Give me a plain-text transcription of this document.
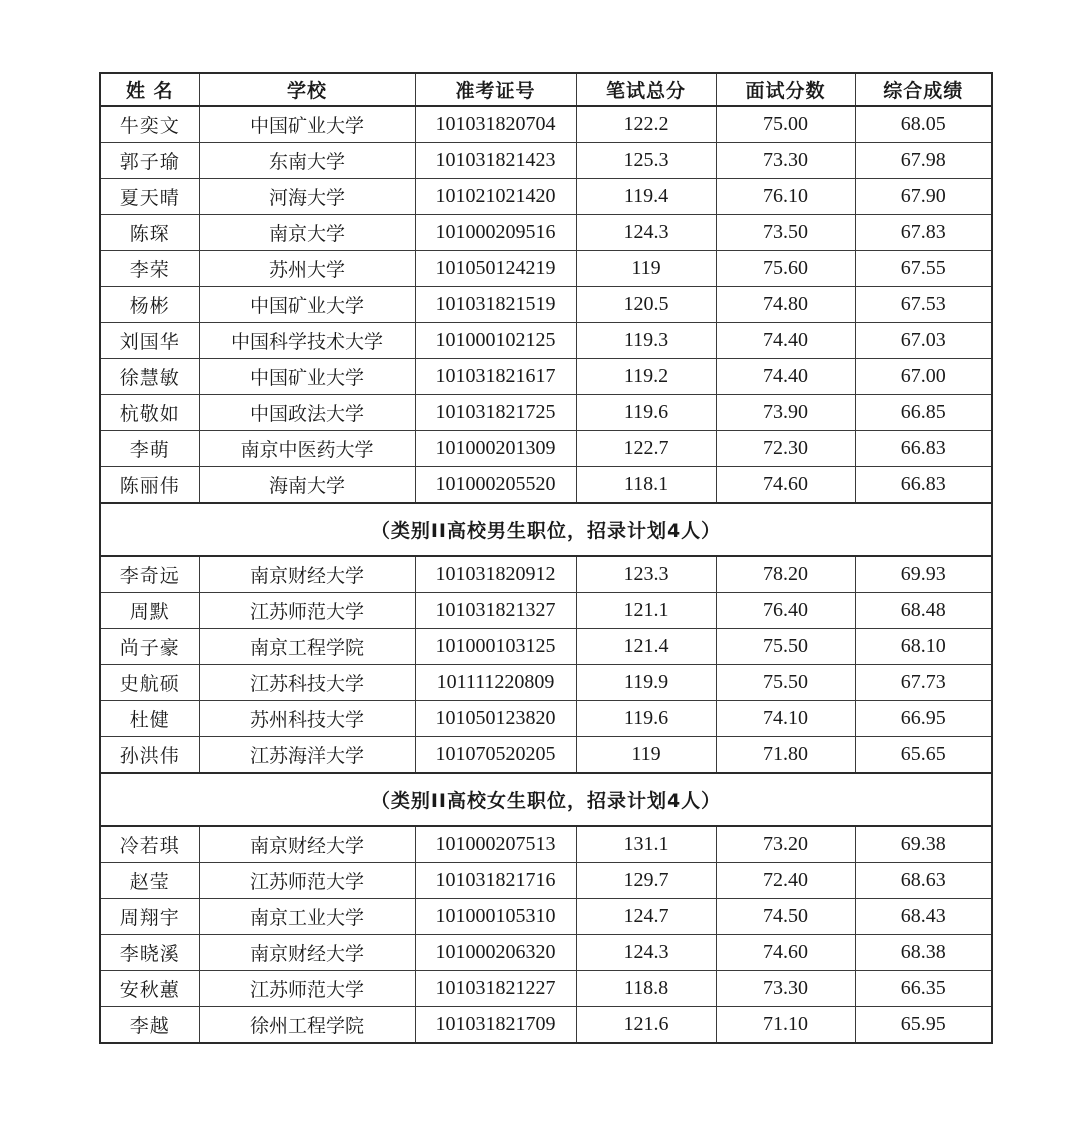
姓 名	学校	准考证号	笔试总分	面试分数	综合成绩
牛奕文	中国矿业大学	101031820704	122.2	75.00	68.05
郭子瑜	东南大学	101031821423	125.3	73.30	67.98
夏天晴	河海大学	101021021420	119.4	76.10	67.90
陈琛	南京大学	101000209516	124.3	73.50	67.83
李荣	苏州大学	101050124219	119	75.60	67.55
杨彬	中国矿业大学	101031821519	120.5	74.80	67.53
刘国华	中国科学技术大学	101000102125	119.3	74.40	67.03
徐慧敏	中国矿业大学	101031821617	119.2	74.40	67.00
杭敬如	中国政法大学	101031821725	119.6	73.90	66.85
李萌	南京中医药大学	101000201309	122.7	72.30	66.83
陈丽伟	海南大学	101000205520	118.1	74.60	66.83
（类别II高校男生职位，招录计划4人）					
李奇远	南京财经大学	101031820912	123.3	78.20	69.93
周默	江苏师范大学	101031821327	121.1	76.40	68.48
尚子豪	南京工程学院	101000103125	121.4	75.50	68.10
史航硕	江苏科技大学	101111220809	119.9	75.50	67.73
杜健	苏州科技大学	101050123820	119.6	74.10	66.95
孙洪伟	江苏海洋大学	101070520205	119	71.80	65.65
（类别II高校女生职位，招录计划4人）					
冷若琪	南京财经大学	101000207513	131.1	73.20	69.38
赵莹	江苏师范大学	101031821716	129.7	72.40	68.63
周翔宇	南京工业大学	101000105310	124.7	74.50	68.43
李晓溪	南京财经大学	101000206320	124.3	74.60	68.38
安秋蕙	江苏师范大学	101031821227	118.8	73.30	66.35
李越	徐州工程学院	101031821709	121.6	71.10	65.95
